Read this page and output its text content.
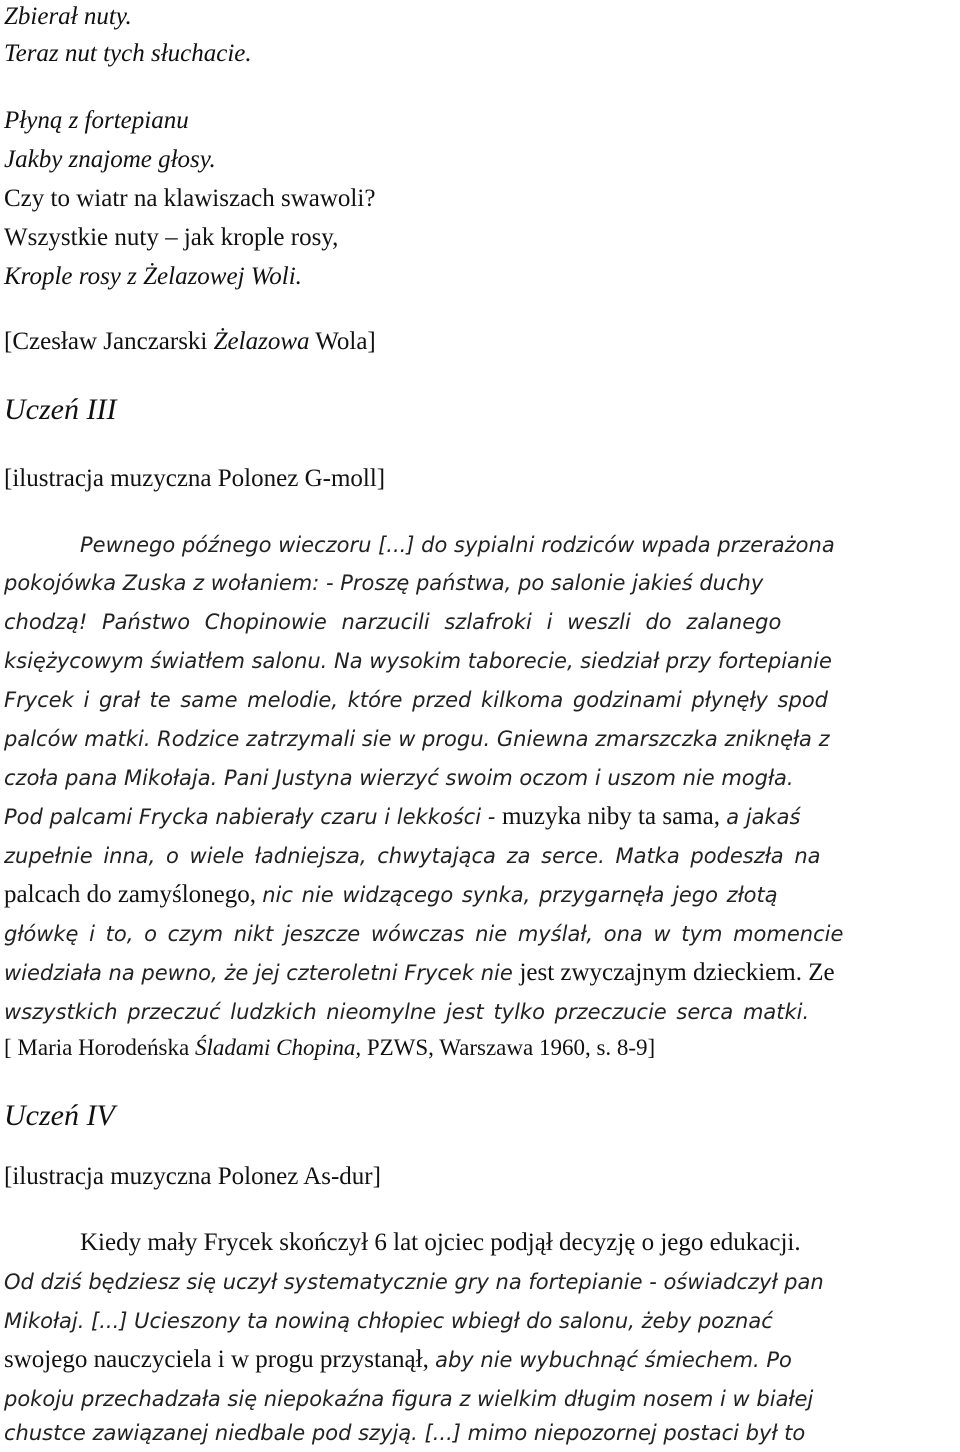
Zbierał nuty.
Teraz nut tych słuchacie.
Płyną z fortepianu
Jakby znajome głosy.
Czy to wiatr na klawiszach swawoli?
Wszystkie nuty – jak krople rosy,
Krople rosy z Żelazowej Woli.
[Czesław Janczarski Żelazowa Wola]
Uczeń III
[ilustracja muzyczna Polonez G-moll]
Pewnego późnego wieczoru [...] do sypialni rodziców wpada przerażona
pokojówka Zuska z wołaniem: - Proszę państwa, po salonie jakieś duchy
chodzą! Państwo Chopinowie narzucili szlafroki i weszli do zalanego
księżycowym światłem salonu. Na wysokim taborecie, siedział przy fortepianie
Frycek i grał te same melodie, które przed kilkoma godzinami płynęły spod
palców matki. Rodzice zatrzymali sie w progu. Gniewna zmarszczka zniknęła z
czoła pana Mikołaja. Pani Justyna wierzyć swoim oczom i uszom nie mogła.
Pod palcami Frycka nabierały czaru i lekkości - muzyka niby ta sama, a jakaś
zupełnie inna, o wiele ładniejsza, chwytająca za serce. Matka podeszła na
palcach do zamyślonego, nic nie widzącego synka, przygarnęła jego złotą
główkę i to, o czym nikt jeszcze wówczas nie myślał, ona w tym momencie
wiedziała na pewno, że jej czteroletni Frycek nie jest zwyczajnym dzieckiem. Ze
wszystkich przeczuć ludzkich nieomylne jest tylko przeczucie serca matki.
[ Maria Horodeńska Śladami Chopina, PZWS, Warszawa 1960, s. 8-9]
Uczeń IV
[ilustracja muzyczna Polonez As-dur]
Kiedy mały Frycek skończył 6 lat ojciec podjął decyzję o jego edukacji.
Od dziś będziesz się uczył systematycznie gry na fortepianie - oświadczył pan
Mikołaj. [...] Uciesz​ony ta nowiną chłopiec wbiegł do salonu, żeby poznać
swojego nauczyciela i w progu przystanął, aby nie wybuchnąć śmiechem. Po
pokoju przechadzała się niepokaźna figura z wielkim długim nosem i w białej
chustce zawiązanej niedbale pod szyją. [...] mimo niepozornej postaci był to
